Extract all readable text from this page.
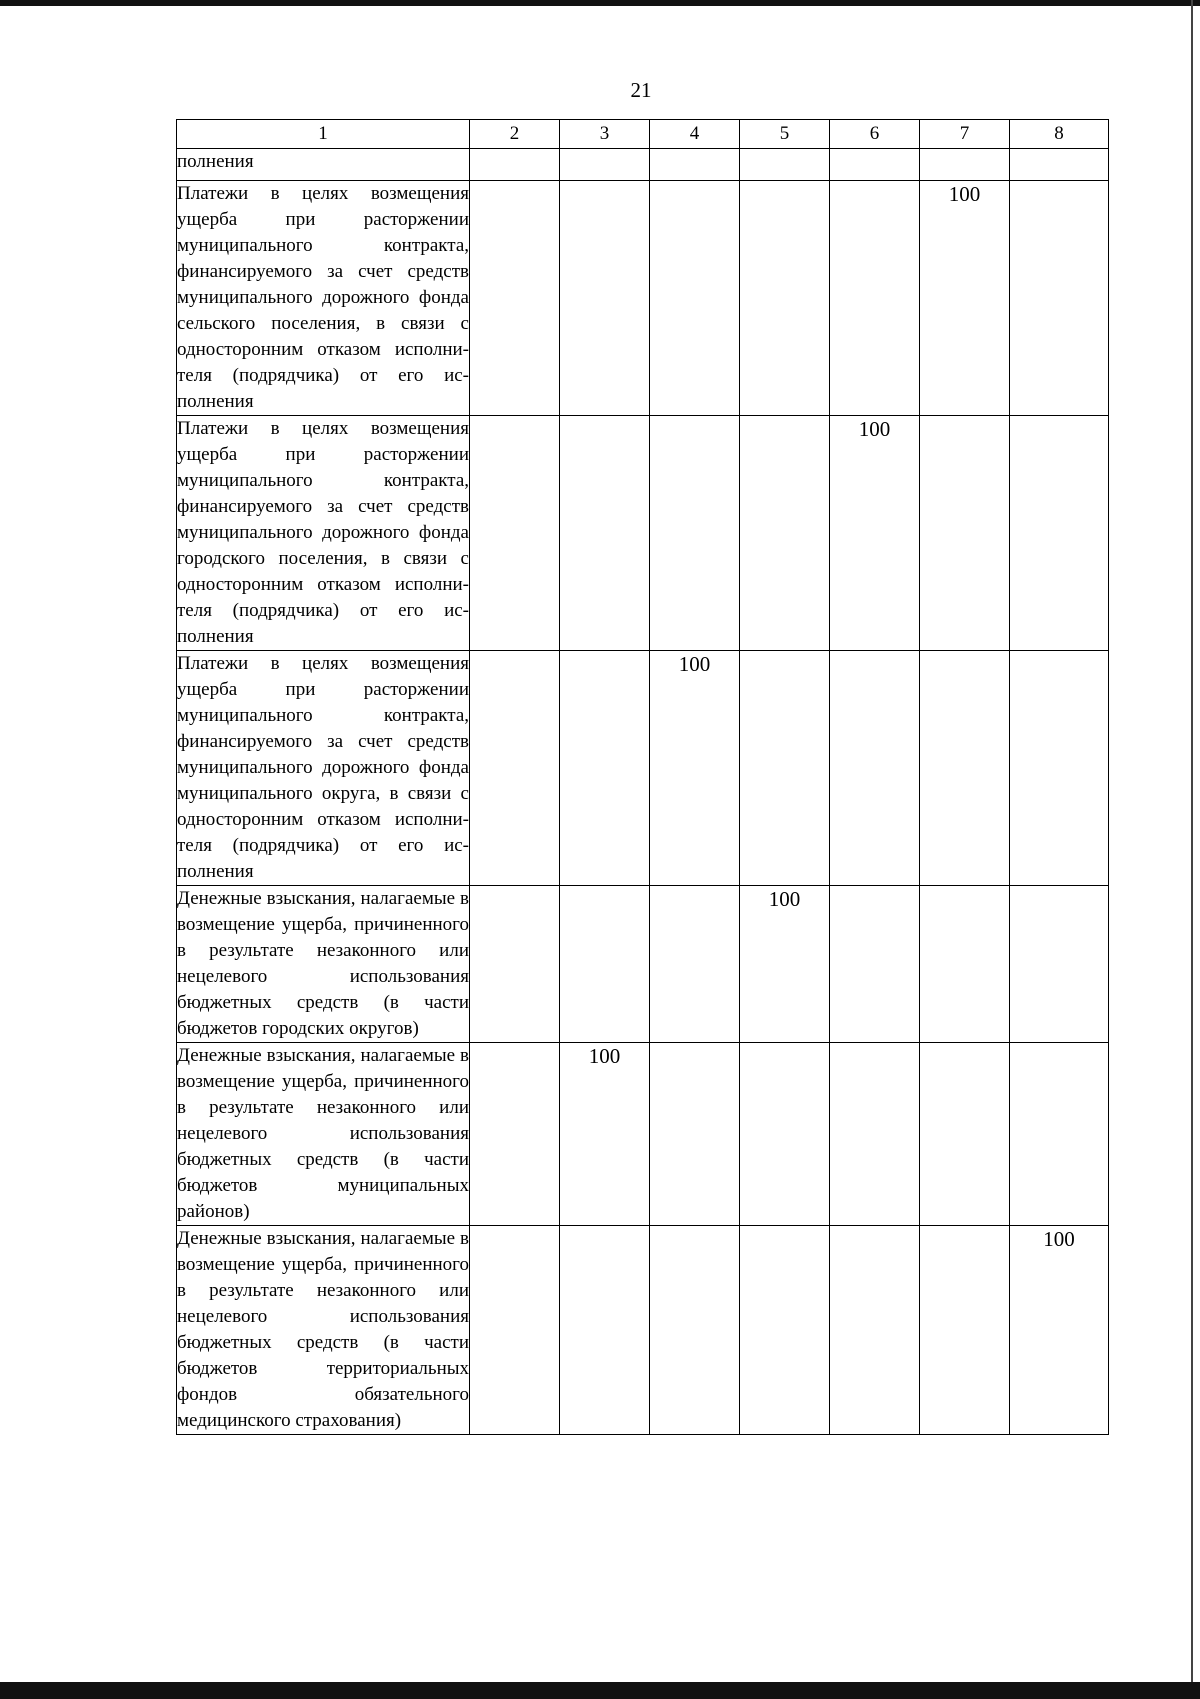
21
1	2	3	4	5	6	7	8
полнения							
Платежи в целях возмещения ущерба при расторжении муниципального контракта, финансируемого за счет средств муниципального дорожного фонда сельского поселения, в связи с односторонним отказом исполнителя (подрядчика) от его исполнения						100	
Платежи в целях возмещения ущерба при расторжении муниципального контракта, финансируемого за счет средств муниципального дорожного фонда городского поселения, в связи с односторонним отказом исполнителя (подрядчика) от его исполнения					100		
Платежи в целях возмещения ущерба при расторжении муниципального контракта, финансируемого за счет средств муниципального дорожного фонда муниципального округа, в связи с односторонним отказом исполнителя (подрядчика) от его исполнения			100				
Денежные взыскания, налагаемые в возмещение ущерба, причиненного в результате незаконного или нецелевого использования бюджетных средств (в части бюджетов городских округов)				100			
Денежные взыскания, налагаемые в возмещение ущерба, причиненного в результате незаконного или нецелевого использования бюджетных средств (в части бюджетов муниципальных районов)		100					
Денежные взыскания, налагаемые в возмещение ущерба, причиненного в результате незаконного или нецелевого использования бюджетных средств (в части бюджетов территориальных фондов обязательного медицинского страхования)							100
